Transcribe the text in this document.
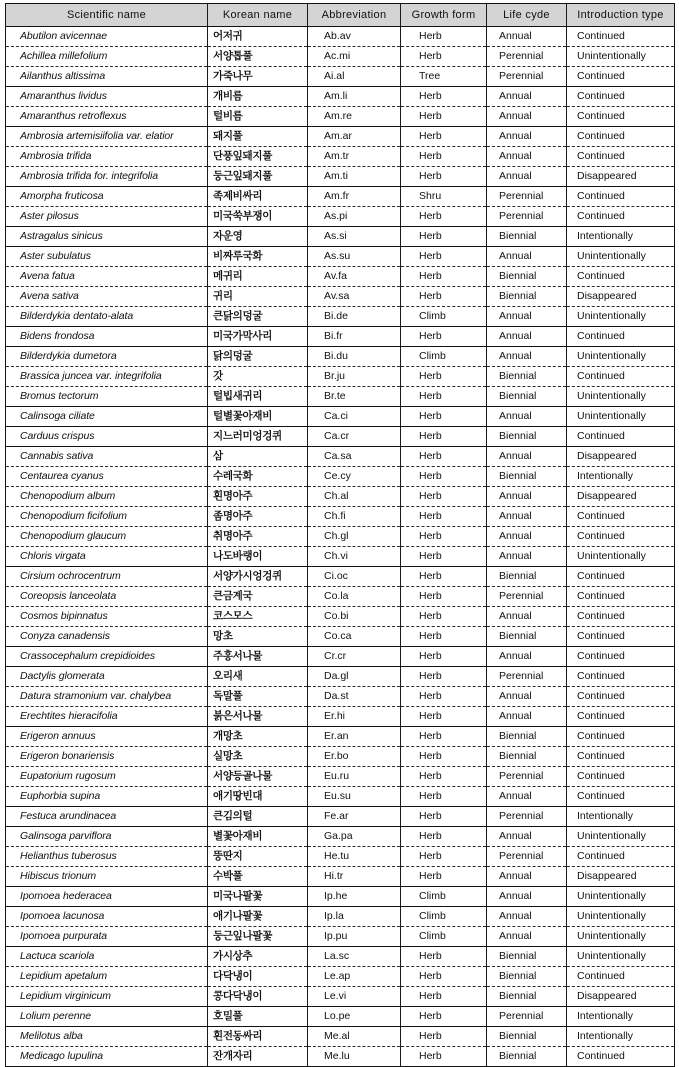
Scientific name	Korean name	Abbreviation	Growth form	Life cyde	Introduction type
Abutilon avicennae	어저귀	Ab.av	Herb	Annual	Continued
Achillea millefolium	서양톱풀	Ac.mi	Herb	Perennial	Unintentionally
Ailanthus altissima	가죽나무	Ai.al	Tree	Perennial	Continued
Amaranthus lividus	개비름	Am.li	Herb	Annual	Continued
Amaranthus retroflexus	털비름	Am.re	Herb	Annual	Continued
Ambrosia artemisiifolia var. elatior	돼지풀	Am.ar	Herb	Annual	Continued
Ambrosia trifida	단풍잎돼지풀	Am.tr	Herb	Annual	Continued
Ambrosia trifida for. integrifolia	둥근잎돼지풀	Am.ti	Herb	Annual	Disappeared
Amorpha fruticosa	족제비싸리	Am.fr	Shru	Perennial	Continued
Aster pilosus	미국쑥부쟁이	As.pi	Herb	Perennial	Continued
Astragalus sinicus	자운영	As.si	Herb	Biennial	Intentionally
Aster subulatus	비짜루국화	As.su	Herb	Annual	Unintentionally
Avena fatua	메귀리	Av.fa	Herb	Biennial	Continued
Avena sativa	귀리	Av.sa	Herb	Biennial	Disappeared
Bilderdykia dentato-alata	큰닭의덩굴	Bi.de	Climb	Annual	Unintentionally
Bidens frondosa	미국가막사리	Bi.fr	Herb	Annual	Continued
Bilderdykia dumetora	닭의덩굴	Bi.du	Climb	Annual	Unintentionally
Brassica juncea var. integrifolia	갓	Br.ju	Herb	Biennial	Continued
Bromus tectorum	털빕새귀리	Br.te	Herb	Biennial	Unintentionally
Calinsoga ciliate	털별꽃아재비	Ca.ci	Herb	Annual	Unintentionally
Carduus crispus	지느러미엉겅퀴	Ca.cr	Herb	Biennial	Continued
Cannabis sativa	삼	Ca.sa	Herb	Annual	Disappeared
Centaurea cyanus	수레국화	Ce.cy	Herb	Biennial	Intentionally
Chenopodium album	흰명아주	Ch.al	Herb	Annual	Disappeared
Chenopodium ficifolium	좀명아주	Ch.fi	Herb	Annual	Continued
Chenopodium glaucum	취명아주	Ch.gl	Herb	Annual	Continued
Chloris virgata	나도바랭이	Ch.vi	Herb	Annual	Unintentionally
Cirsium ochrocentrum	서양가시엉겅퀴	Ci.oc	Herb	Biennial	Continued
Coreopsis lanceolata	큰금계국	Co.la	Herb	Perennial	Continued
Cosmos bipinnatus	코스모스	Co.bi	Herb	Annual	Continued
Conyza canadensis	망초	Co.ca	Herb	Biennial	Continued
Crassocephalum crepidioides	주홍서나물	Cr.cr	Herb	Annual	Continued
Dactylis glomerata	오리새	Da.gl	Herb	Perennial	Continued
Datura stramonium var. chalybea	독말풀	Da.st	Herb	Annual	Continued
Erechtites hieracifolia	붉은서나물	Er.hi	Herb	Annual	Continued
Erigeron annuus	개망초	Er.an	Herb	Biennial	Continued
Erigeron bonariensis	실망초	Er.bo	Herb	Biennial	Continued
Eupatorium rugosum	서양등골나물	Eu.ru	Herb	Perennial	Continued
Euphorbia supina	애기땅빈대	Eu.su	Herb	Annual	Continued
Festuca arundinacea	큰김의털	Fe.ar	Herb	Perennial	Intentionally
Galinsoga parviflora	별꽃아재비	Ga.pa	Herb	Annual	Unintentionally
Helianthus tuberosus	뚱딴지	He.tu	Herb	Perennial	Continued
Hibiscus trionum	수박풀	Hi.tr	Herb	Annual	Disappeared
Ipomoea hederacea	미국나팔꽃	Ip.he	Climb	Annual	Unintentionally
Ipomoea lacunosa	애기나팔꽃	Ip.la	Climb	Annual	Unintentionally
Ipomoea purpurata	둥근잎나팔꽃	Ip.pu	Climb	Annual	Unintentionally
Lactuca scariola	가시상추	La.sc	Herb	Biennial	Unintentionally
Lepidium apetalum	다닥냉이	Le.ap	Herb	Biennial	Continued
Lepidium virginicum	콩다닥냉이	Le.vi	Herb	Biennial	Disappeared
Lolium perenne	호밀풀	Lo.pe	Herb	Perennial	Intentionally
Melilotus alba	흰전동싸리	Me.al	Herb	Biennial	Intentionally
Medicago lupulina	잔개자리	Me.lu	Herb	Biennial	Continued
